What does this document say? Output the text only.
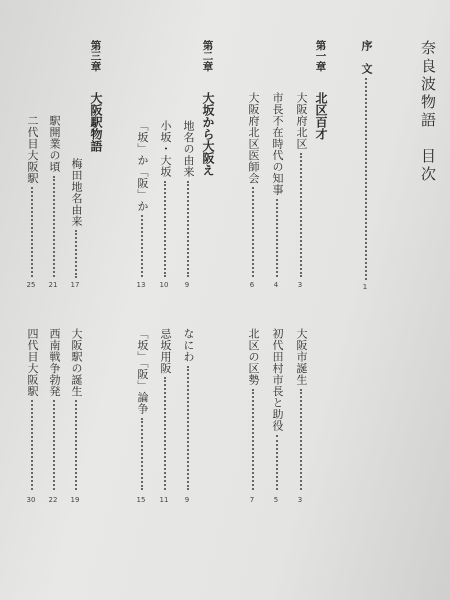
奈良波物語　目次
序　文
1
第一章
北区百才
第二章
大坂から大阪え
第三章
大阪駅物語	大阪府北区
3
市長不在時代の知事
4
大阪府北区医師会
6
地名の由来
9
小坂・大坂
10
「坂」か「阪」か
13
梅田地名由来
17
駅開業の頃
21
二代目大阪駅
25
大阪市誕生
3
初代田村市長と助役
5
北区の区勢
7
なにわ
9
忌坂用阪
11
「坂」「阪」論争
15
大阪駅の誕生
19
西南戦争勃発
22
四代目大阪駅
30
